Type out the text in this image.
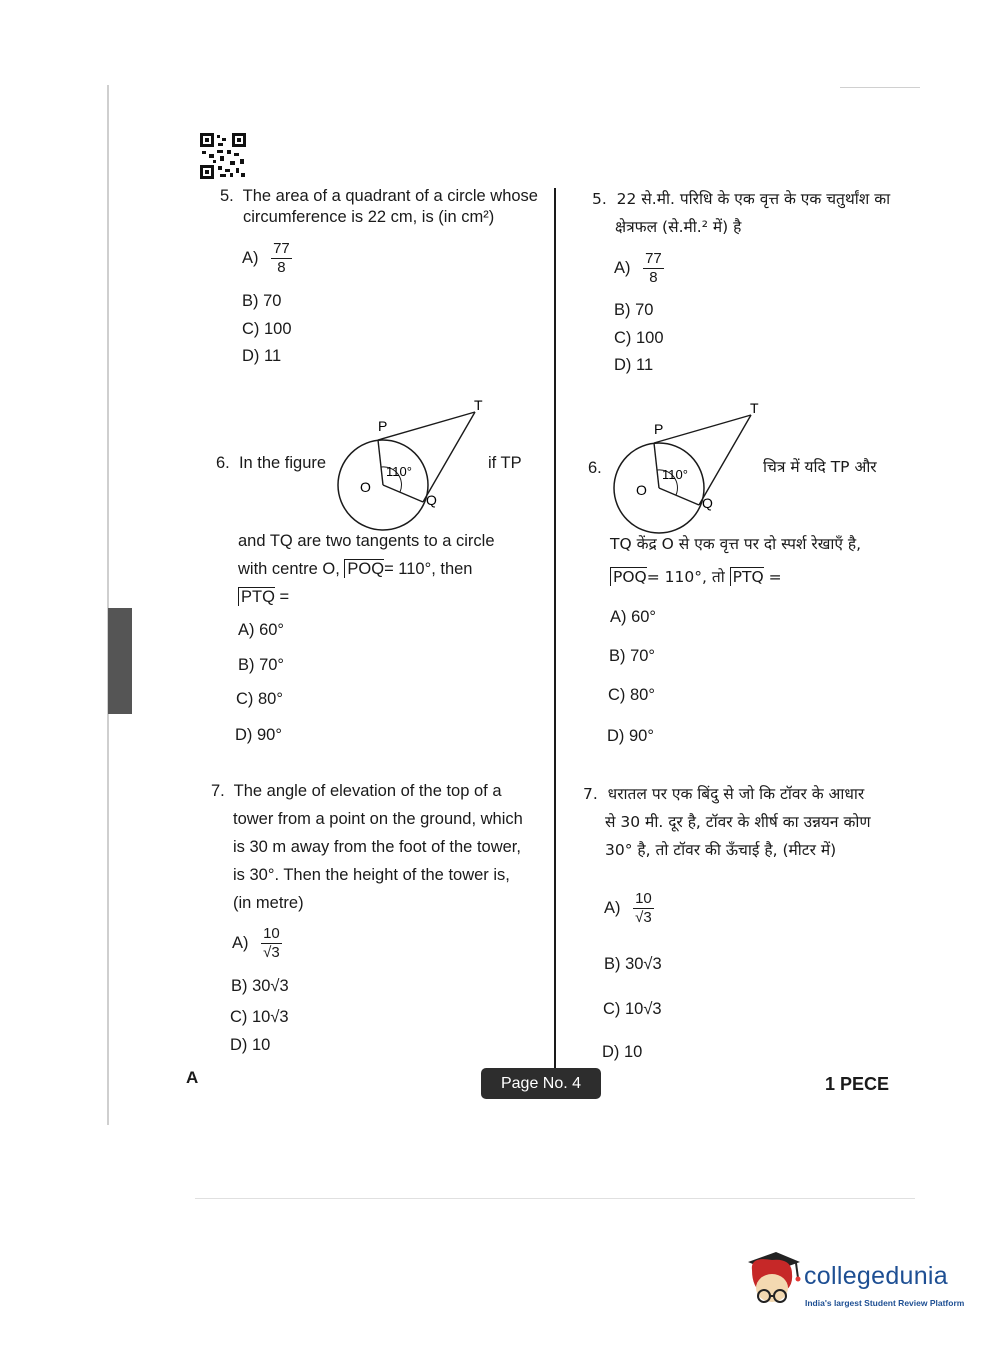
5. The area of a quadrant of a circle whose
circumference is 22 cm, is (in cm²)
$A) \frac{77}{8}$
B) 70
C) 100
D) 11
5. 22 से.मी. परिधि के एक वृत्त के एक चतुर्थांश का
क्षेत्रफल (से.मी.² में) है
$A) \frac{77}{8}$
B) 70
C) 100
D) 11
6. In the figure	if TP
P
T
O
Q
110°
and TQ are two tangents to a circle
with centre O, POQ= 110°, then
PTQ =
A) 60°
B) 70°
C) 80°
D) 90°
6.
P
T
O
Q
110°	चित्र में यदि TP और
TQ केंद्र O से एक वृत्त पर दो स्पर्श रेखाएँ है,
POQ= 110°, तो PTQ =
A) 60°
B) 70°
C) 80°
D) 90°
7. The angle of elevation of the top of a
tower from a point on the ground, which
is 30 m away from the foot of the tower,
is 30°. Then the height of the tower is,
(in metre)
$A) \frac{10}{√3}$
B) 30√3
C) 10√3
D) 10
7. धरातल पर एक बिंदु से जो कि टॉवर के आधार
से 30 मी. दूर है, टॉवर के शीर्ष का उन्नयन कोण
30° है, तो टॉवर की ऊँचाई है, (मीटर में)
$A) \frac{10}{√3}$
B) 30√3
C) 10√3
D) 10
A	Page No. 4	1 PECE
collegedunia
India's largest Student Review Platform
